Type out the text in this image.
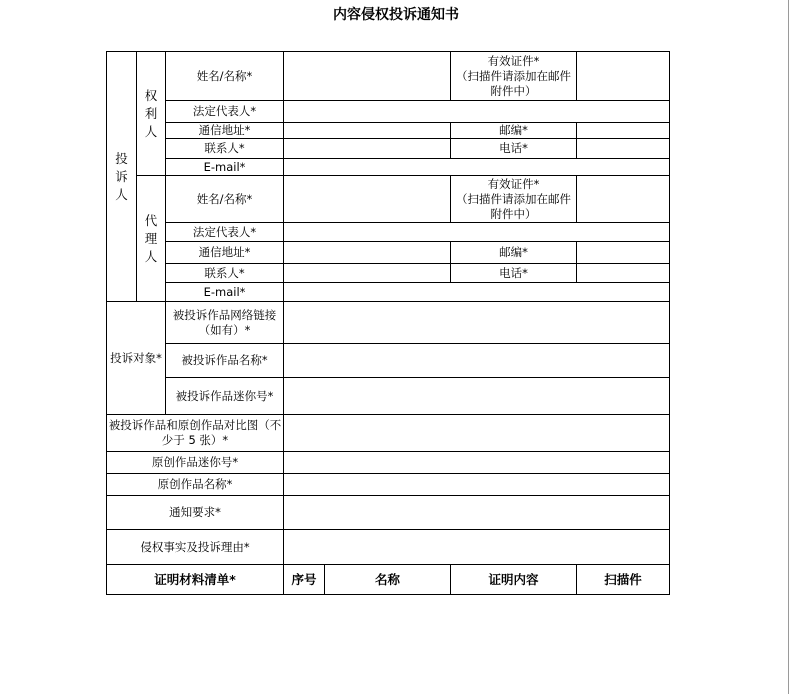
内容侵权投诉通知书
投诉人	权利人	姓名/名称*			有效证件*
（扫描件请添加在邮件附件中）	

		法定代表人*				
		通信地址*			邮编*	
		联系人*			电话*	
		E-mail*				
	代理人	姓名/名称*			有效证件*
（扫描件请添加在邮件附件中）	

		法定代表人*				
		通信地址*			邮编*	
		联系人*			电话*	
		E-mail*				
投诉对象*		被投诉作品网络链接（如有）*				
		被投诉作品名称*				
		被投诉作品迷你号*				
被投诉作品和原创作品对比图（不少于 5 张）*						
原创作品迷你号*						
原创作品名称*						
通知要求*						
侵权事实及投诉理由*						
证明材料清单*			序号	名称	证明内容	扫描件
